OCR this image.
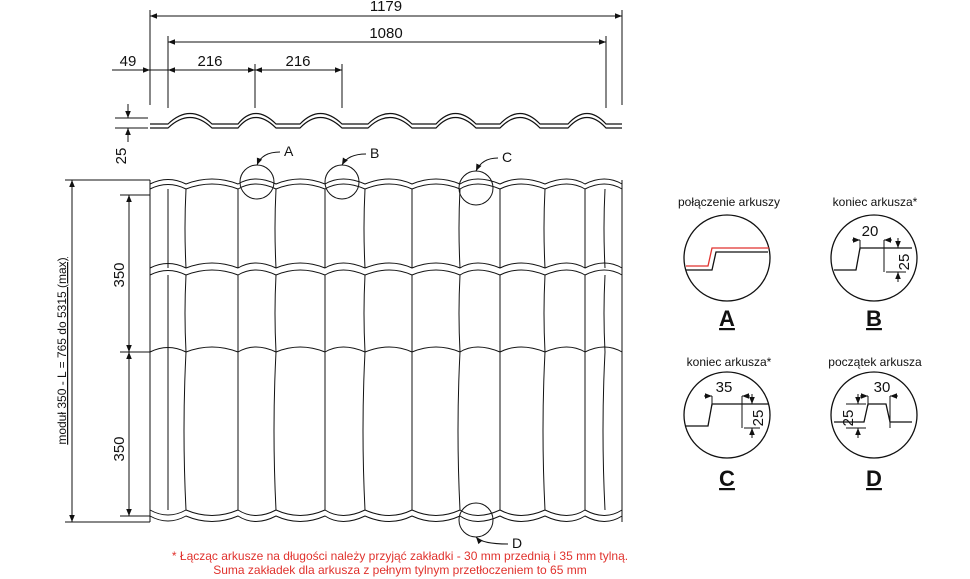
1179
1080
49	216	216
25	A	B	C
D
350
350
moduł 350 - L = 765 do 5315 (max)
połączenie arkuszy
A
koniec arkusza*
20
25
B
koniec arkusza*
35
25
C
początek arkusza
30
25
D
* Łącząc arkusze na długości należy przyjąć zakładki - 30 mm przednią i 35 mm tylną.
Suma zakładek dla arkusza z pełnym tylnym przetłoczeniem to 65 mm
